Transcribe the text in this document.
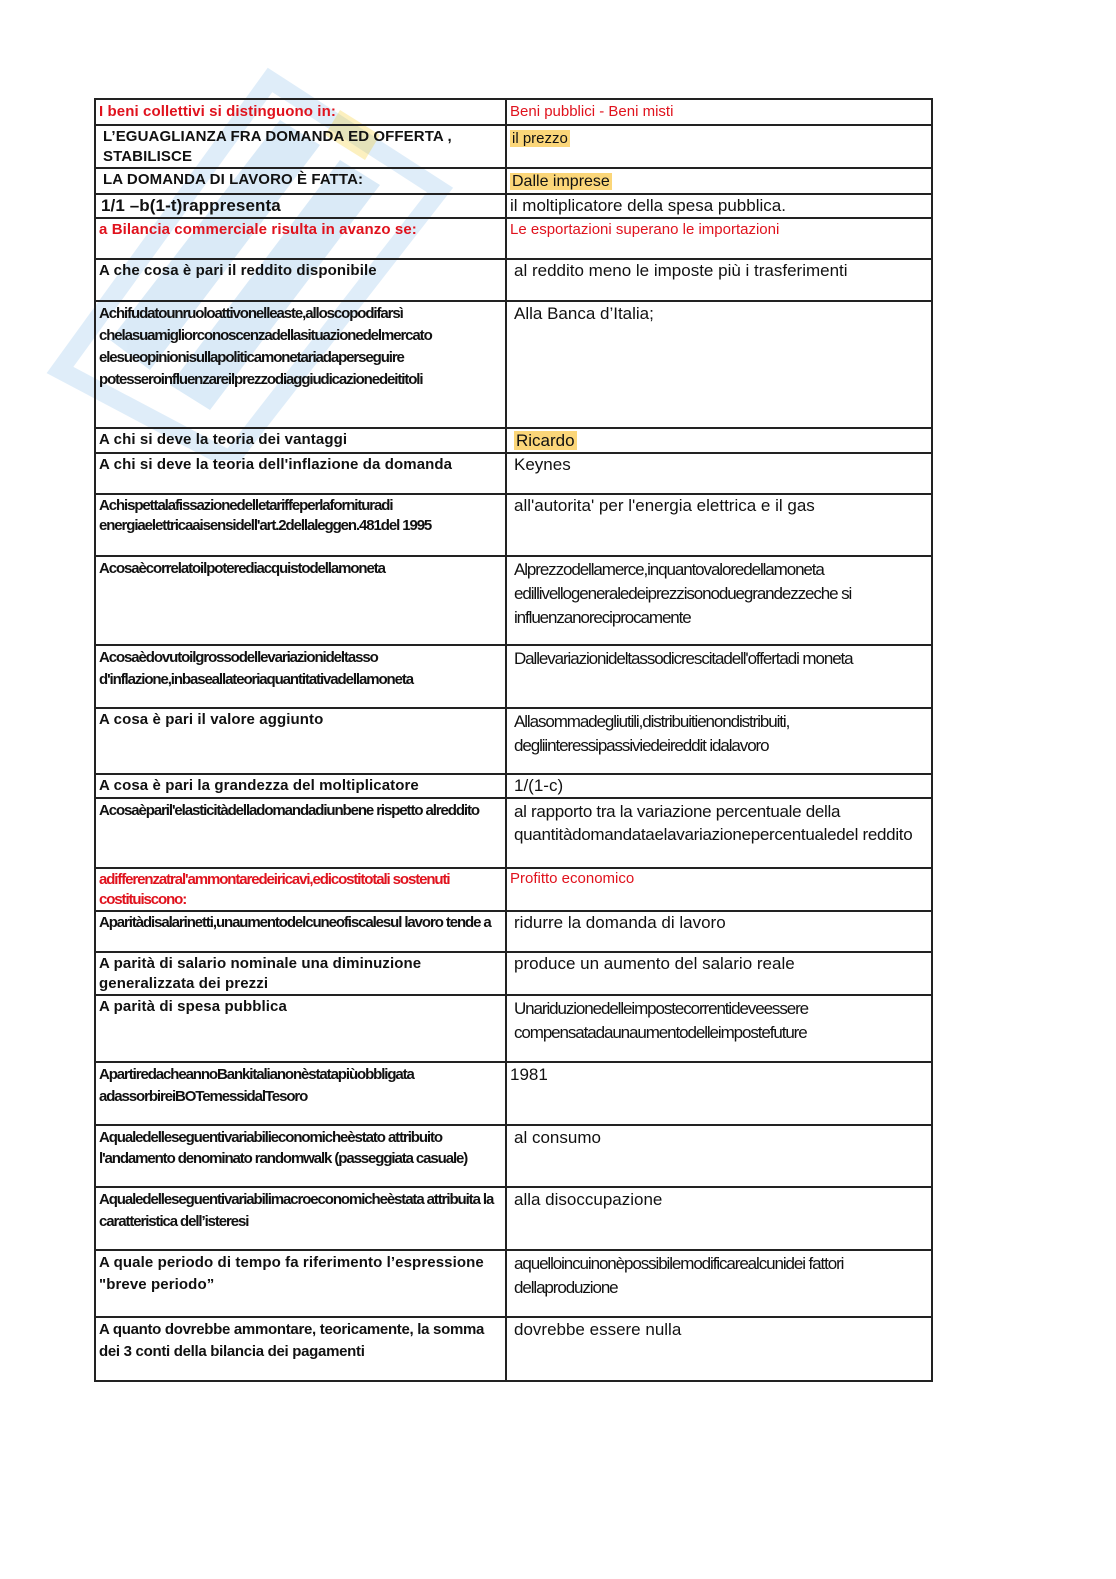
I beni collettivi si distinguono in:	Beni pubblici - Beni misti

L’EGUAGLIANZA FRA DOMANDA ED OFFERTA , STABILISCE	il prezzo

LA DOMANDA DI LAVORO È FATTA:	Dalle imprese

1/1 –b(1-t)rappresenta	il moltiplicatore della spesa pubblica.

a Bilancia commerciale risulta in avanzo se:	Le esportazioni superano le importazioni

A che cosa è pari il reddito disponibile	al reddito meno le imposte più i trasferimenti

Achifudatounruoloattivonelleaste,alloscopodifarsì chelasuamigliorconoscenzadellasituazionedelmercato elesueopinionisullapoliticamonetariadaperseguire potesseroinfluenzareilprezzodiaggiudicazionedeititoli	Alla Banca d’Italia;

A chi si deve la teoria dei vantaggi	Ricardo

A chi si deve la teoria dell'inflazione da domanda	Keynes

Achispettalafissazionedelletariffeperlafornituradi energiaelettricaaisensidell'art.2dellaleggen.481del 1995	all'autorita' per l'energia elettrica e il gas

Acosaècorrelatoilpoterediacquistodellamoneta	Alprezzodellamerce,inquantovaloredellamoneta edillivellogeneraledeiprezzisonoduegrandezzeche si influenzanoreciprocamente

Acosaèdovutoilgrossodellevariazionideltasso d'inflazione,inbaseallateoriaquantitativadellamoneta	Dallevariazionideltassodicrescitadell'offertadi moneta

A cosa è pari il valore aggiunto	Allasommadegliutili,distribuitienondistribuiti, degliinteressipassiviedeireddit idalavoro

A cosa è pari la grandezza del moltiplicatore	1/(1-c)

Acosaèparil'elasticitàdelladomandadiunbene rispetto alreddito	al rapporto tra la variazione percentuale della quantitàdomandataelavariazionepercentualedel reddito

adifferenzatral'ammontaredeiricavi,edicostitotali sostenuti costituiscono:	Profitto economico

Aparitàdisalarinetti,unaumentodelcuneofiscalesul lavoro tende a	ridurre la domanda di lavoro

A parità di salario nominale una diminuzione generalizzata dei prezzi	produce un aumento del salario reale

A parità di spesa pubblica	Unariduzionedelleimpostecorrentideveessere compensatadaunaumentodelleimpostefuture

ApartiredacheannoBankitalianonèstatapiùobbligata adassorbireiBOTemessidalTesoro	1981

Aqualedelleseguentivariabilieconomicheèstato attribuito l'andamento denominato randomwalk (passeggiata casuale)	al consumo

Aqualedelleseguentivariabilimacroeconomicheèstata attribuita la caratteristica dell’isteresi	alla disoccupazione

A quale periodo di tempo fa riferimento l’espressione "breve periodo”	aquelloincuinonèpossibilemodificarealcunidei fattori dellaproduzione

A quanto dovrebbe ammontare, teoricamente, la somma dei 3 conti della bilancia dei pagamenti	dovrebbe essere nulla
